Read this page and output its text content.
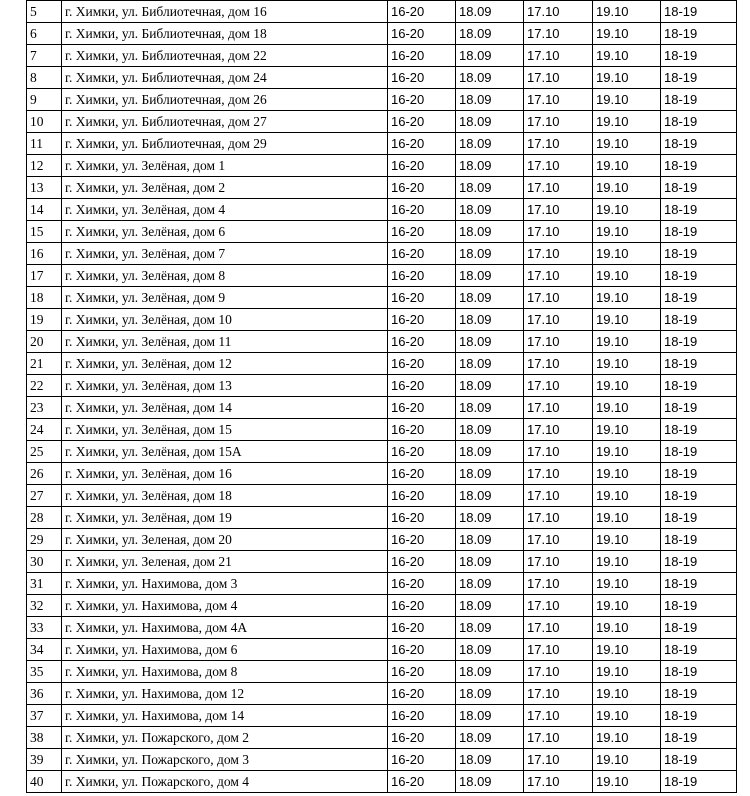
5	г. Химки, ул. Библиотечная, дом 16	16-20	18.09	17.10	19.10	18-19
6	г. Химки, ул. Библиотечная, дом 18	16-20	18.09	17.10	19.10	18-19
7	г. Химки, ул. Библиотечная, дом 22	16-20	18.09	17.10	19.10	18-19
8	г. Химки, ул. Библиотечная, дом 24	16-20	18.09	17.10	19.10	18-19
9	г. Химки, ул. Библиотечная, дом 26	16-20	18.09	17.10	19.10	18-19
10	г. Химки, ул. Библиотечная, дом 27	16-20	18.09	17.10	19.10	18-19
11	г. Химки, ул. Библиотечная, дом 29	16-20	18.09	17.10	19.10	18-19
12	г. Химки, ул. Зелёная, дом 1	16-20	18.09	17.10	19.10	18-19
13	г. Химки, ул. Зелёная, дом 2	16-20	18.09	17.10	19.10	18-19
14	г. Химки, ул. Зелёная, дом 4	16-20	18.09	17.10	19.10	18-19
15	г. Химки, ул. Зелёная, дом 6	16-20	18.09	17.10	19.10	18-19
16	г. Химки, ул. Зелёная, дом 7	16-20	18.09	17.10	19.10	18-19
17	г. Химки, ул. Зелёная, дом 8	16-20	18.09	17.10	19.10	18-19
18	г. Химки, ул. Зелёная, дом 9	16-20	18.09	17.10	19.10	18-19
19	г. Химки, ул. Зелёная, дом 10	16-20	18.09	17.10	19.10	18-19
20	г. Химки, ул. Зелёная, дом 11	16-20	18.09	17.10	19.10	18-19
21	г. Химки, ул. Зелёная, дом 12	16-20	18.09	17.10	19.10	18-19
22	г. Химки, ул. Зелёная, дом 13	16-20	18.09	17.10	19.10	18-19
23	г. Химки, ул. Зелёная, дом 14	16-20	18.09	17.10	19.10	18-19
24	г. Химки, ул. Зелёная, дом 15	16-20	18.09	17.10	19.10	18-19
25	г. Химки, ул. Зелёная, дом 15А	16-20	18.09	17.10	19.10	18-19
26	г. Химки, ул. Зелёная, дом 16	16-20	18.09	17.10	19.10	18-19
27	г. Химки, ул. Зелёная, дом 18	16-20	18.09	17.10	19.10	18-19
28	г. Химки, ул. Зелёная, дом 19	16-20	18.09	17.10	19.10	18-19
29	г. Химки, ул. Зеленая, дом 20	16-20	18.09	17.10	19.10	18-19
30	г. Химки, ул. Зеленая, дом 21	16-20	18.09	17.10	19.10	18-19
31	г. Химки, ул. Нахимова, дом 3	16-20	18.09	17.10	19.10	18-19
32	г. Химки, ул. Нахимова, дом 4	16-20	18.09	17.10	19.10	18-19
33	г. Химки, ул. Нахимова, дом 4А	16-20	18.09	17.10	19.10	18-19
34	г. Химки, ул. Нахимова, дом 6	16-20	18.09	17.10	19.10	18-19
35	г. Химки, ул. Нахимова, дом 8	16-20	18.09	17.10	19.10	18-19
36	г. Химки, ул. Нахимова, дом 12	16-20	18.09	17.10	19.10	18-19
37	г. Химки, ул. Нахимова, дом 14	16-20	18.09	17.10	19.10	18-19
38	г. Химки, ул. Пожарского, дом 2	16-20	18.09	17.10	19.10	18-19
39	г. Химки, ул. Пожарского, дом 3	16-20	18.09	17.10	19.10	18-19
40	г. Химки, ул. Пожарского, дом 4	16-20	18.09	17.10	19.10	18-19
